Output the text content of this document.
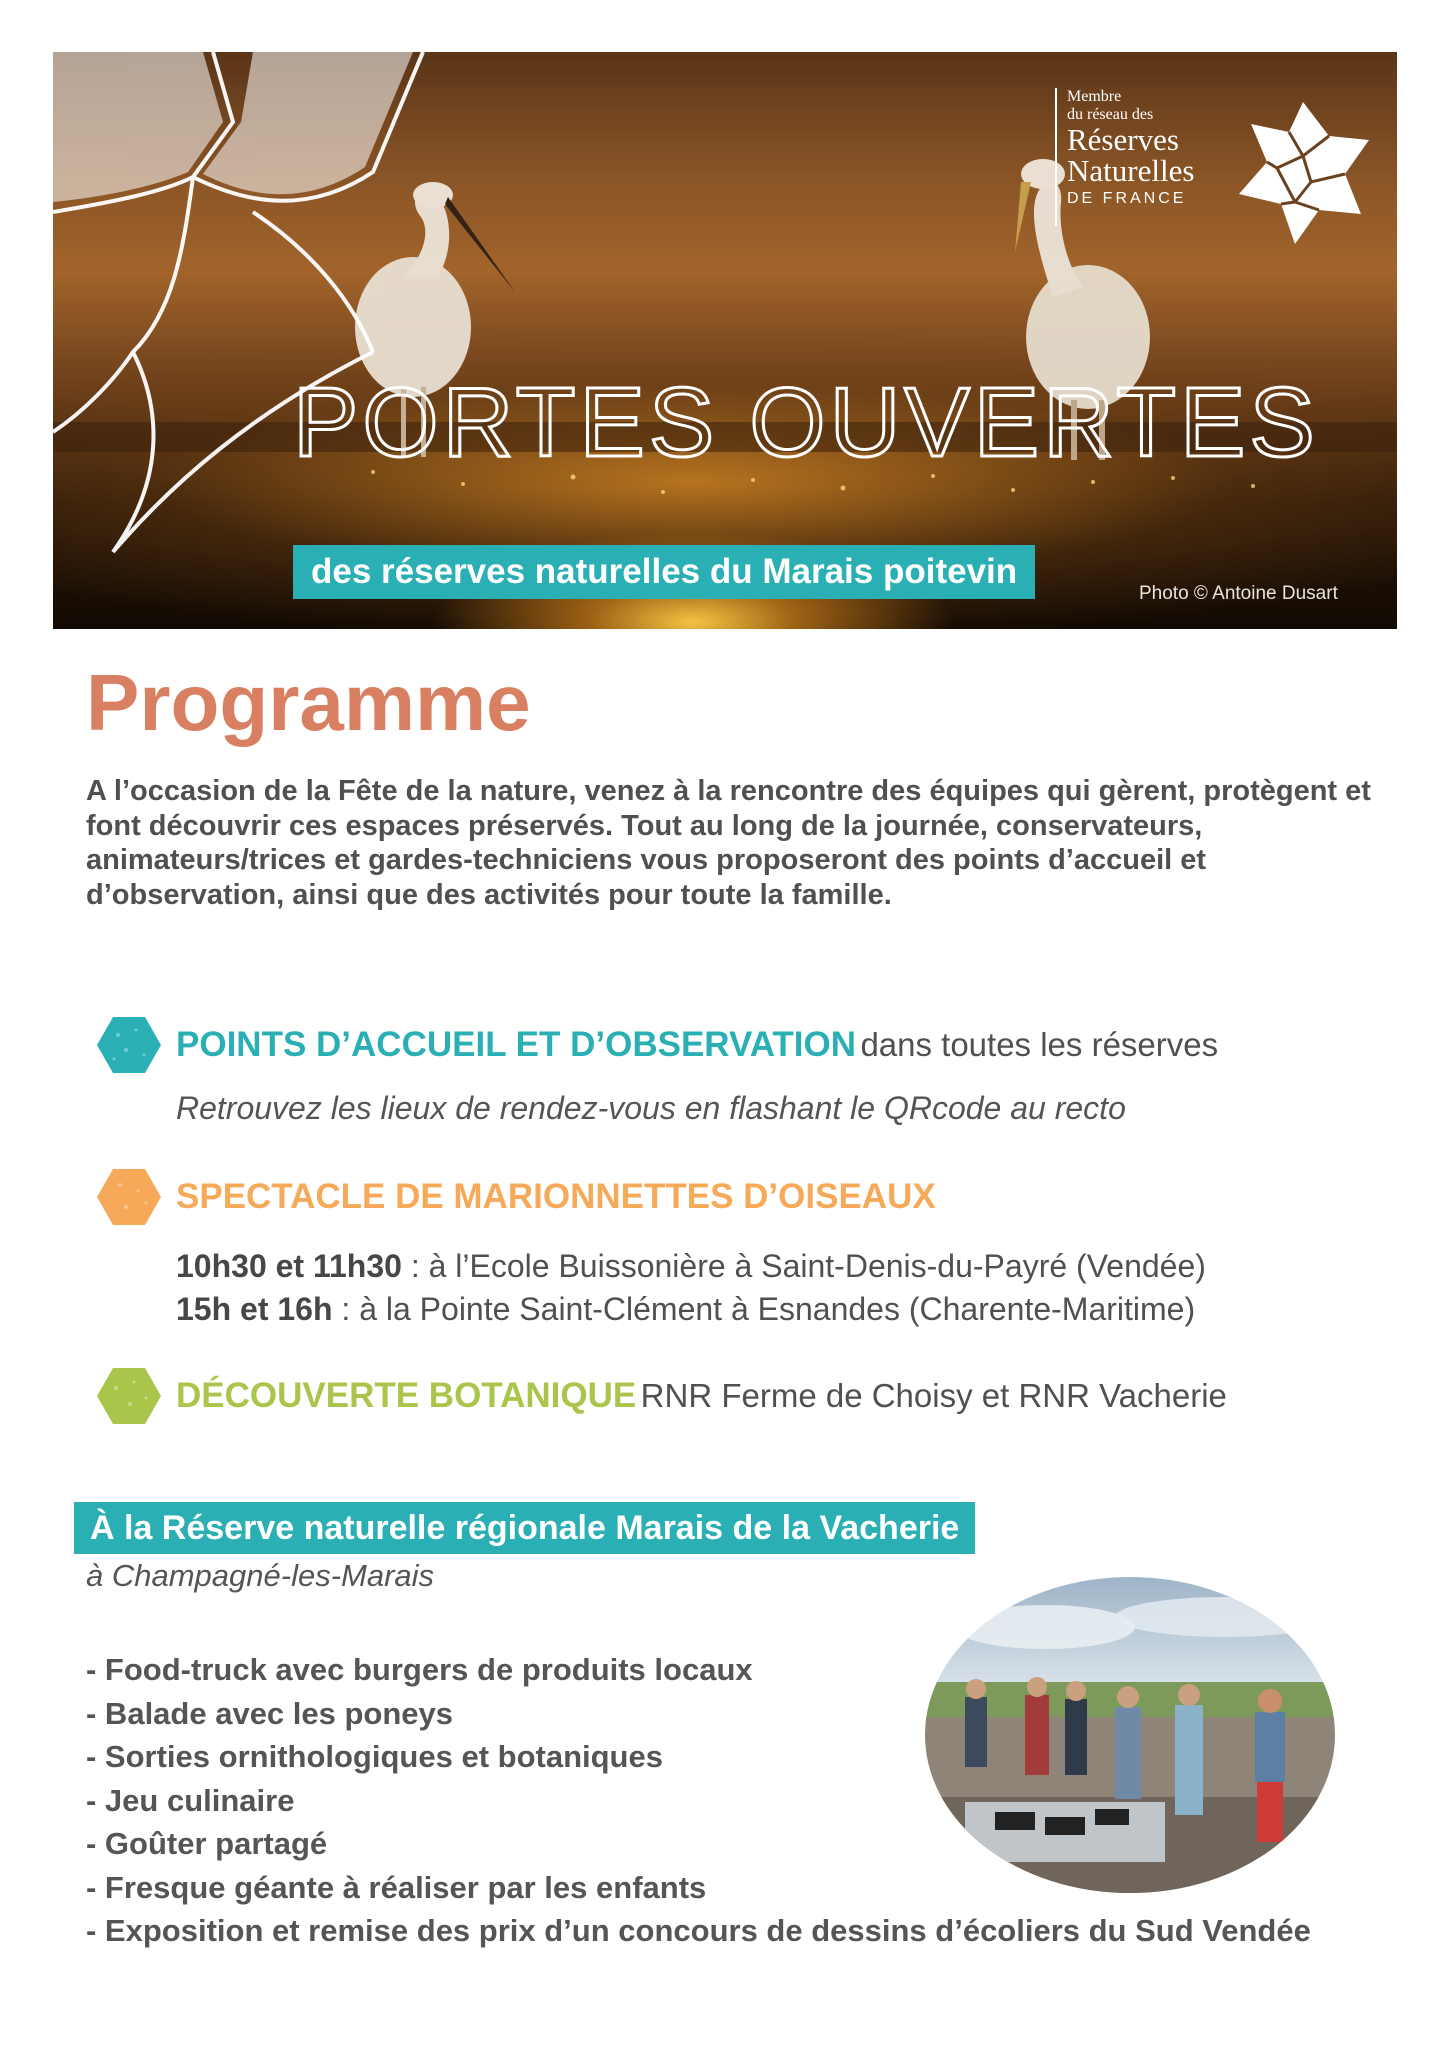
Membre
du réseau des
Réserves
Naturelles
DE FRANCE
PORTES OUVERTES
des réserves naturelles du Marais poitevin
Photo © Antoine Dusart
Programme

A l’occasion de la Fête de la nature, venez à la rencontre des équipes qui gèrent, protègent et font découvrir ces espaces préservés. Tout au long de la journée, conservateurs, animateurs/trices et gardes-techniciens vous proposeront des points d’accueil et d’observation, ainsi que des activités pour toute la famille.

POINTS D’ACCUEIL ET D’OBSERVATION dans toutes les réserves
Retrouvez les lieux de rendez-vous en flashant le QRcode au recto
SPECTACLE DE MARIONNETTES D’OISEAUX
10h30 et 11h30 : à l’Ecole Buissonière à Saint-Denis-du-Payré (Vendée)
15h et 16h : à la Pointe Saint-Clément à Esnandes (Charente-Maritime)
DÉCOUVERTE BOTANIQUE RNR Ferme de Choisy et RNR Vacherie
À la Réserve naturelle régionale Marais de la Vacherie
à Champagné-les-Marais
- Food-truck avec burgers de produits locaux
- Balade avec les poneys
- Sorties ornithologiques et botaniques
- Jeu culinaire
- Goûter partagé
- Fresque géante à réaliser par les enfants
- Exposition et remise des prix d’un concours de dessins d’écoliers du Sud Vendée
